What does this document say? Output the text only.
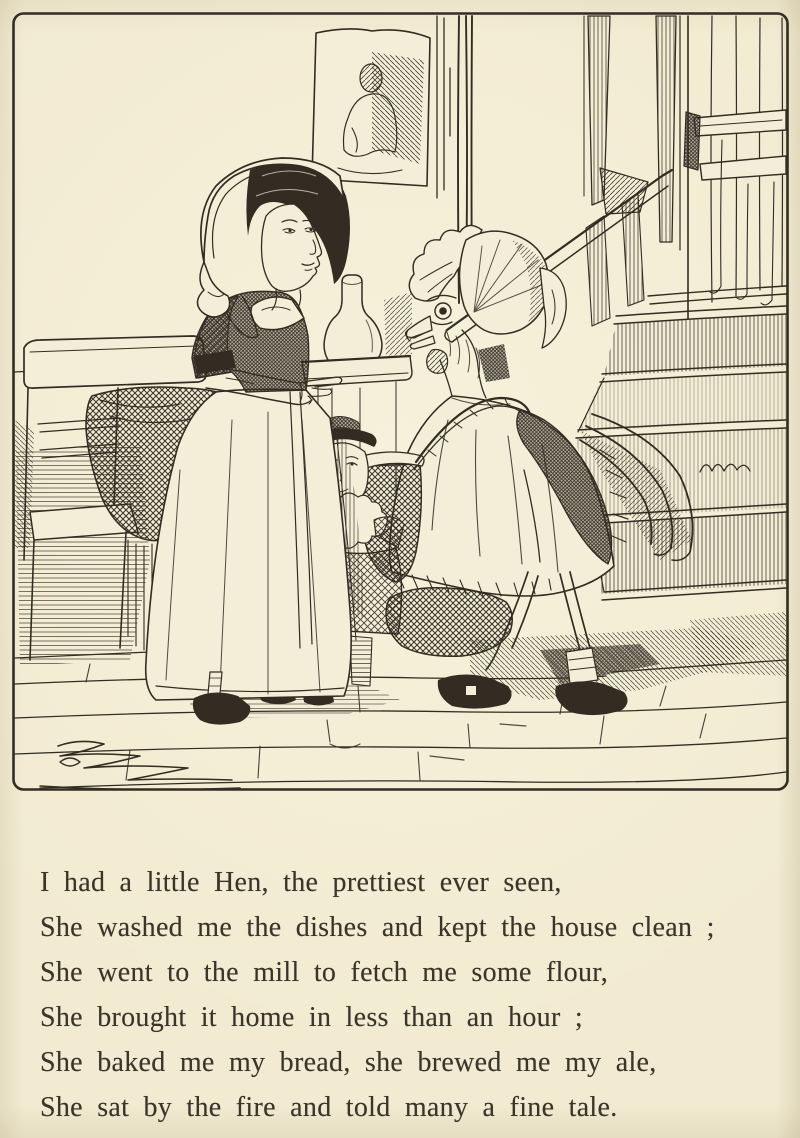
I had a little Hen, the prettiest ever seen,

She washed me the dishes and kept the house clean ;

She went to the mill to fetch me some flour,

She brought it home in less than an hour ;

She baked me my bread, she brewed me my ale,

She sat by the fire and told many a fine tale.
